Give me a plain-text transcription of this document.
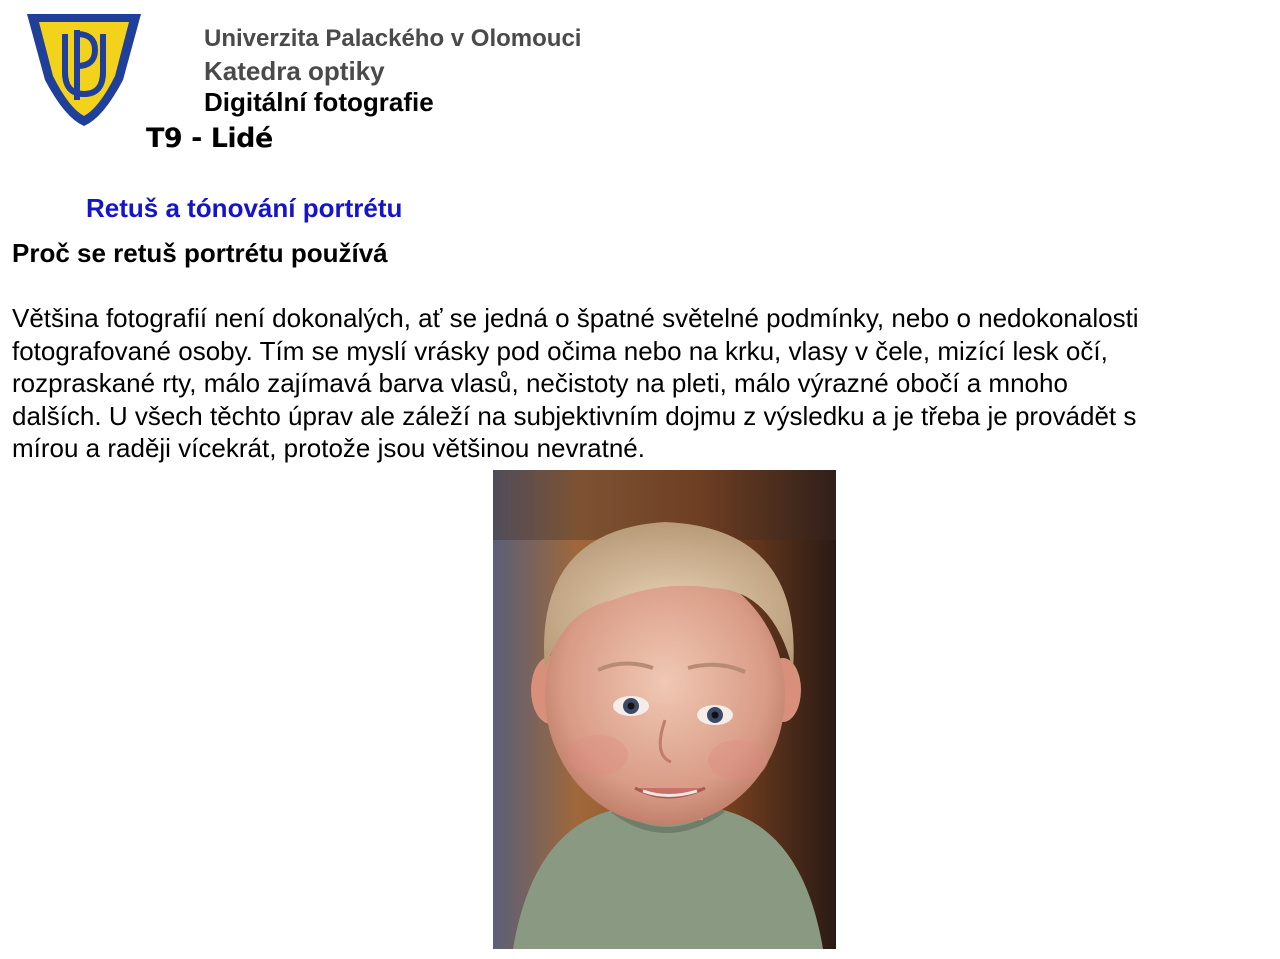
Univerzita Palackého v Olomouci
Katedra optiky
Digitální fotografie
T9 - Lidé
Retuš a tónování portrétu
Proč se retuš portrétu používá
Většina fotografií není dokonalých, ať se jedná o špatné světelné podmínky, nebo o nedokonalosti
fotografované osoby. Tím se myslí vrásky pod očima nebo na krku, vlasy v čele, mizící lesk očí,
rozpraskané rty, málo zajímavá barva vlasů, nečistoty na pleti, málo výrazné obočí a mnoho
dalších. U všech těchto úprav ale záleží na subjektivním dojmu z výsledku a je třeba je provádět s
mírou a raději vícekrát, protože jsou většinou nevratné.
